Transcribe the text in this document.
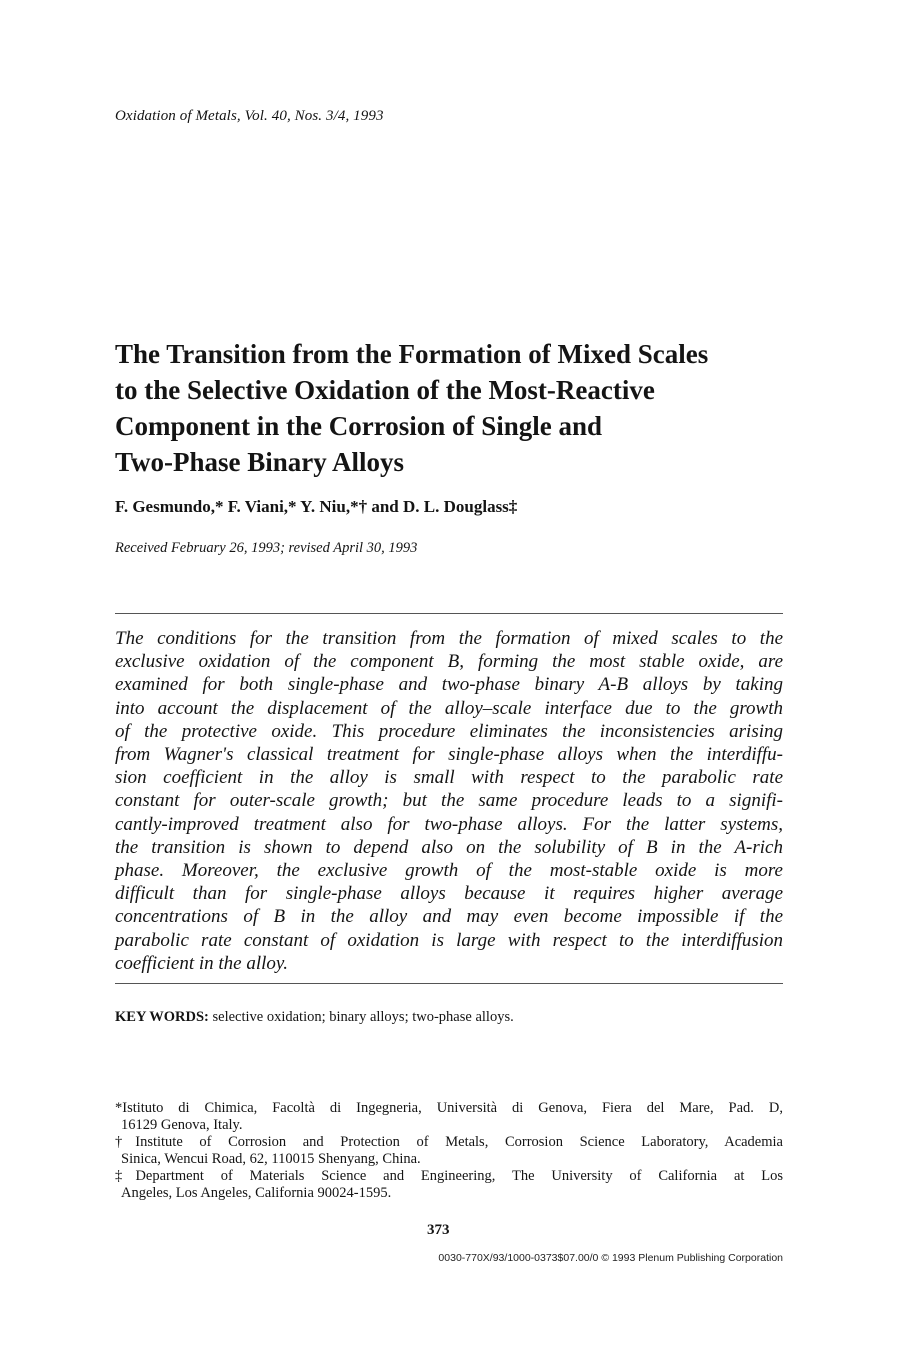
Oxidation of Metals, Vol. 40, Nos. 3/4, 1993
The Transition from the Formation of Mixed Scales
to the Selective Oxidation of the Most-Reactive
Component in the Corrosion of Single and
Two-Phase Binary Alloys
F. Gesmundo,* F. Viani,* Y. Niu,*† and D. L. Douglass‡
Received February 26, 1993; revised April 30, 1993
The conditions for the transition from the formation of mixed scales to the
exclusive oxidation of the component B, forming the most stable oxide, are
examined for both single-phase and two-phase binary A-B alloys by taking
into account the displacement of the alloy–scale interface due to the growth
of the protective oxide. This procedure eliminates the inconsistencies arising
from Wagner's classical treatment for single-phase alloys when the interdiffu-
sion coefficient in the alloy is small with respect to the parabolic rate
constant for outer-scale growth; but the same procedure leads to a signifi-
cantly-improved treatment also for two-phase alloys. For the latter systems,
the transition is shown to depend also on the solubility of B in the A-rich
phase. Moreover, the exclusive growth of the most-stable oxide is more
difficult than for single-phase alloys because it requires higher average
concentrations of B in the alloy and may even become impossible if the
parabolic rate constant of oxidation is large with respect to the interdiffusion
coefficient in the alloy.
KEY WORDS: selective oxidation; binary alloys; two-phase alloys.
*Istituto di Chimica, Facoltà di Ingegneria, Università di Genova, Fiera del Mare, Pad. D,
16129 Genova, Italy.
†Institute of Corrosion and Protection of Metals, Corrosion Science Laboratory, Academia
Sinica, Wencui Road, 62, 110015 Shenyang, China.
‡Department of Materials Science and Engineering, The University of California at Los
Angeles, Los Angeles, California 90024-1595.
373
0030-770X/93/1000-0373$07.00/0 © 1993 Plenum Publishing Corporation
